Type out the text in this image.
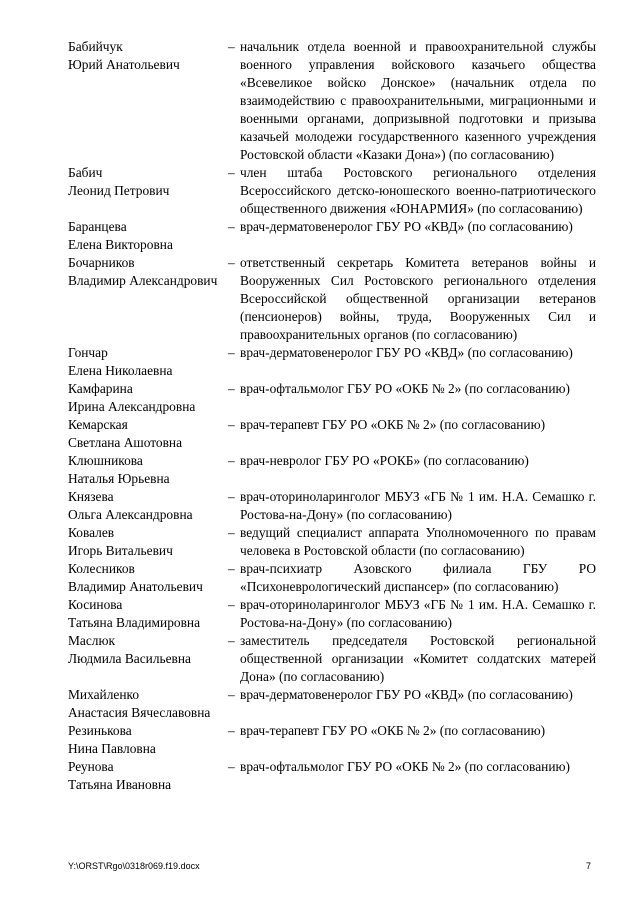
Бабийчук
Юрий Анатольевич
– начальник отдела военной и правоохранительной службы военного управления войскового казачьего общества «Всевеликое войско Донское» (начальник отдела по взаимодействию с правоохранительными, миграционными и военными органами, допризывной подготовки и призыва казачьей молодежи государственного казенного учреждения Ростовской области «Казаки Дона») (по согласованию)
Бабич
Леонид Петрович
– член штаба Ростовского регионального отделения Всероссийского детско-юношеского военно-патриотического общественного движения «ЮНАРМИЯ» (по согласованию)
Баранцева
Елена Викторовна
– врач-дерматовенеролог ГБУ РО «КВД» (по согласованию)
Бочарников
Владимир Александрович
– ответственный секретарь Комитета ветеранов войны и Вооруженных Сил Ростовского регионального отделения Всероссийской общественной организации ветеранов (пенсионеров) войны, труда, Вооруженных Сил и правоохранительных органов (по согласованию)
Гончар
Елена Николаевна
– врач-дерматовенеролог ГБУ РО «КВД» (по согласованию)
Камфарина
Ирина Александровна
– врач-офтальмолог ГБУ РО «ОКБ № 2» (по согласованию)
Кемарская
Светлана Ашотовна
– врач-терапевт ГБУ РО «ОКБ № 2» (по согласованию)
Клюшникова
Наталья Юрьевна
– врач-невролог ГБУ РО «РОКБ» (по согласованию)
Князева
Ольга Александровна
– врач-оториноларинголог МБУЗ «ГБ № 1 им. Н.А. Семашко г. Ростова-на-Дону» (по согласованию)
Ковалев
Игорь Витальевич
– ведущий специалист аппарата Уполномоченного по правам человека в Ростовской области (по согласованию)
Колесников
Владимир Анатольевич
– врач-психиатр Азовского филиала ГБУ РО «Психоневрологический диспансер» (по согласованию)
Косинова
Татьяна Владимировна
– врач-оториноларинголог МБУЗ «ГБ № 1 им. Н.А. Семашко г. Ростова-на-Дону» (по согласованию)
Маслюк
Людмила Васильевна
– заместитель председателя Ростовской региональной общественной организации «Комитет солдатских матерей Дона» (по согласованию)
Михайленко
Анастасия Вячеславовна
– врач-дерматовенеролог ГБУ РО «КВД» (по согласованию)
Резинькова
Нина Павловна
– врач-терапевт ГБУ РО «ОКБ № 2» (по согласованию)
Реунова
Татьяна Ивановна
– врач-офтальмолог ГБУ РО «ОКБ № 2» (по согласованию)
Y:\ORST\Rgo\0318r069.f19.docx	7
